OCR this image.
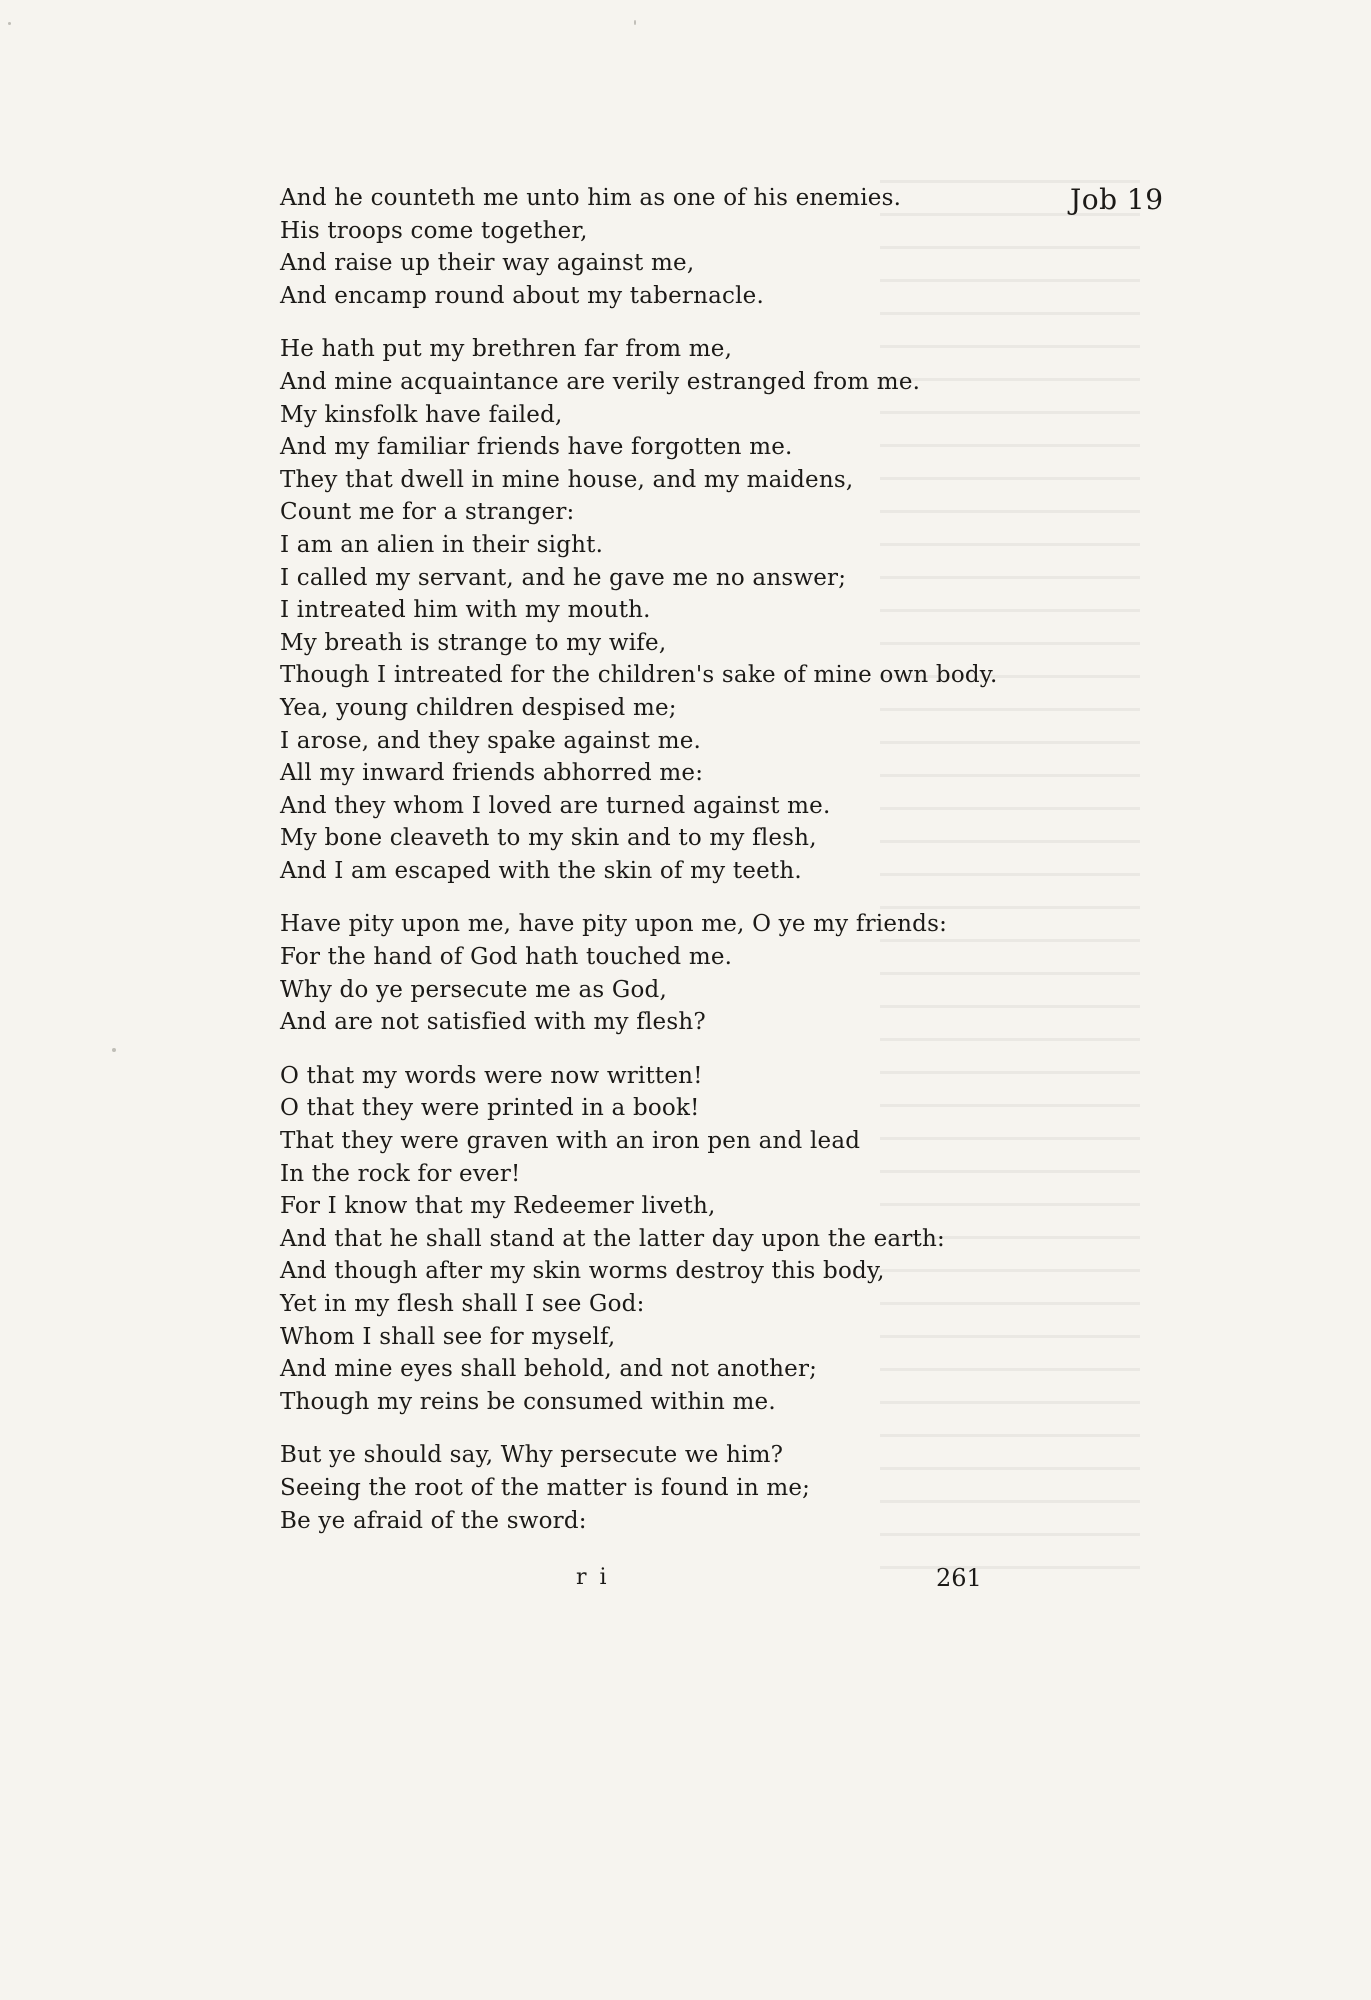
Job 19
And he counteth me unto him as one of his enemies.
His troops come together,
And raise up their way against me,
And encamp round about my tabernacle.
He hath put my brethren far from me,
And mine acquaintance are verily estranged from me.
My kinsfolk have failed,
And my familiar friends have forgotten me.
They that dwell in mine house, and my maidens,
Count me for a stranger:
I am an alien in their sight.
I called my servant, and he gave me no answer;
I intreated him with my mouth.
My breath is strange to my wife,
Though I intreated for the children's sake of mine own body.
Yea, young children despised me;
I arose, and they spake against me.
All my inward friends abhorred me:
And they whom I loved are turned against me.
My bone cleaveth to my skin and to my flesh,
And I am escaped with the skin of my teeth.
Have pity upon me, have pity upon me, O ye my friends:
For the hand of God hath touched me.
Why do ye persecute me as God,
And are not satisfied with my flesh?
O that my words were now written!
O that they were printed in a book!
That they were graven with an iron pen and lead
In the rock for ever!
For I know that my Redeemer liveth,
And that he shall stand at the latter day upon the earth:
And though after my skin worms destroy this body,
Yet in my flesh shall I see God:
Whom I shall see for myself,
And mine eyes shall behold, and not another;
Though my reins be consumed within me.
But ye should say, Why persecute we him?
Seeing the root of the matter is found in me;
Be ye afraid of the sword:
r i	261
